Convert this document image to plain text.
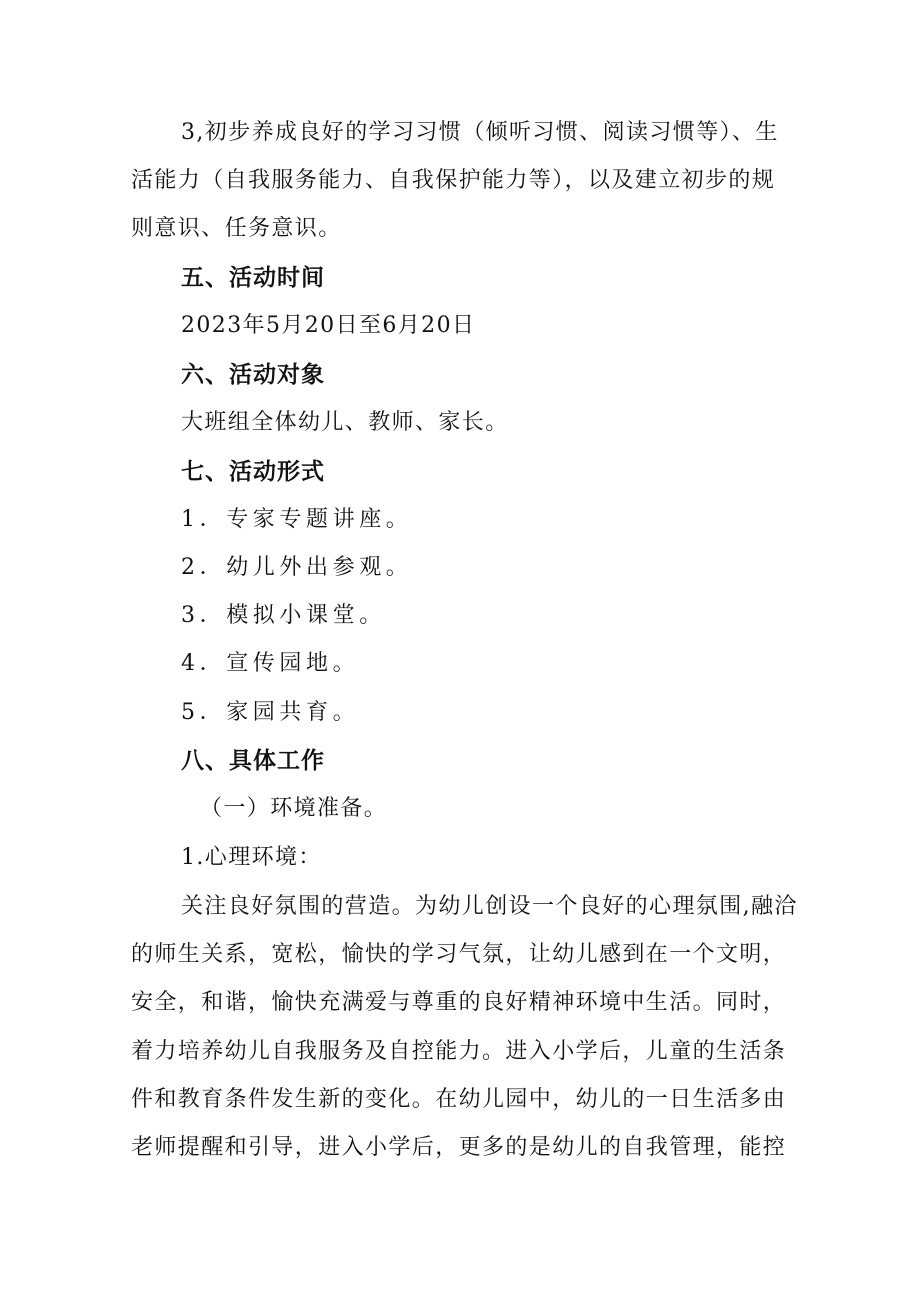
3,初步养成良好的学习习惯（倾听习惯、阅读习惯等）、生
活能力（自我服务能力、自我保护能力等），以及建立初步的规
则意识、任务意识。
五、活动时间
2023年5月20日至6月20日
六、活动对象
大班组全体幼儿、教师、家长。
七、活动形式
1．专家专题讲座。
2．幼儿外出参观。
3．模拟小课堂。
4．宣传园地。
5．家园共育。
八、具体工作
（一）环境准备。
1.心理环境：
关注良好氛围的营造。为幼儿创设一个良好的心理氛围,融洽
的师生关系，宽松，愉快的学习气氛，让幼儿感到在一个文明，
安全，和谐，愉快充满爱与尊重的良好精神环境中生活。同时，
着力培养幼儿自我服务及自控能力。进入小学后，儿童的生活条
件和教育条件发生新的变化。在幼儿园中，幼儿的一日生活多由
老师提醒和引导，进入小学后，更多的是幼儿的自我管理，能控
